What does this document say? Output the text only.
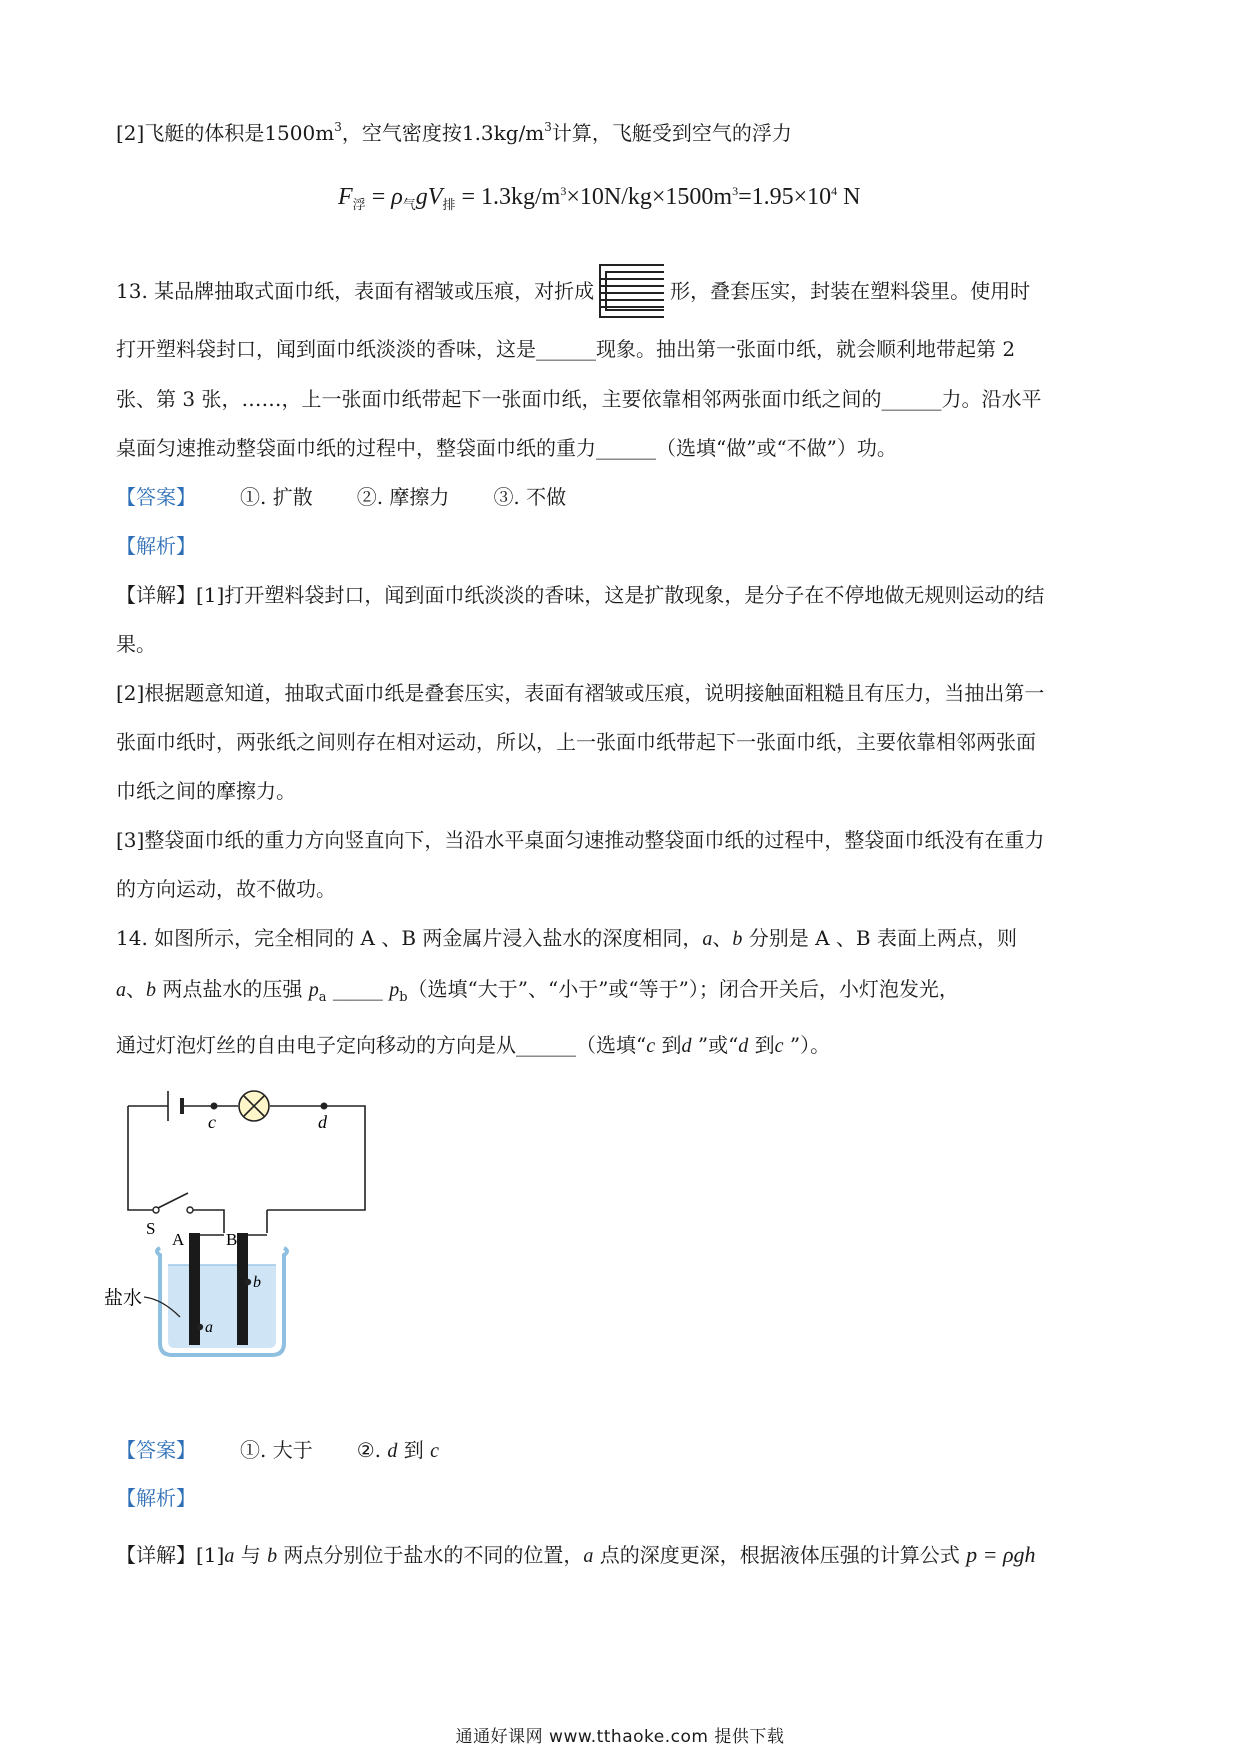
[2]飞艇的体积是$1500m^3$，空气密度按$1.3kg/m^3$计算，飞艇受到空气的浮力
$F_浮 = \rho_气gV_排 = 1.3kg/m^3\times 10N/kg\times 1500m^3=1.95\times 10^4$ N
13. 某品牌抽取式面巾纸，表面有褶皱或压痕，对折成	形，叠套压实，封装在塑料袋里。使用时
打开塑料袋封口，闻到面巾纸淡淡的香味，这是______现象。抽出第一张面巾纸，就会顺利地带起第 2
张、第 3 张，……，上一张面巾纸带起下一张面巾纸，主要依靠相邻两张面巾纸之间的______力。沿水平
桌面匀速推动整袋面巾纸的过程中，整袋面巾纸的重力______（选填“做”或“不做”）功。
【答案】 ①. 扩散 ②. 摩擦力 ③. 不做
【解析】
【详解】[1]打开塑料袋封口，闻到面巾纸淡淡的香味，这是扩散现象，是分子在不停地做无规则运动的结
果。
[2]根据题意知道，抽取式面巾纸是叠套压实，表面有褶皱或压痕，说明接触面粗糙且有压力，当抽出第一
张面巾纸时，两张纸之间则存在相对运动，所以，上一张面巾纸带起下一张面巾纸，主要依靠相邻两张面
巾纸之间的摩擦力。
[3]整袋面巾纸的重力方向竖直向下，当沿水平桌面匀速推动整袋面巾纸的过程中，整袋面巾纸没有在重力
的方向运动，故不做功。
14. 如图所示，完全相同的 A 、B 两金属片浸入盐水的深度相同，a、b 分别是 A 、B 表面上两点，则
a、b 两点盐水的压强 $p_a$ _____ $p_b$（选填“大于”、“小于”或“等于”）；闭合开关后，小灯泡发光，
通过灯泡灯丝的自由电子定向移动的方向是从______（选填“c 到d ”或“d 到c ”）。
c	d
S
A B
a
b
盐水
【答案】 ①. 大于 ②. d 到 c
【解析】
【详解】[1]a 与 b 两点分别位于盐水的不同的位置，a 点的深度更深，根据液体压强的计算公式 p = ρgh
通通好课网 www.tthaoke.com 提供下载
